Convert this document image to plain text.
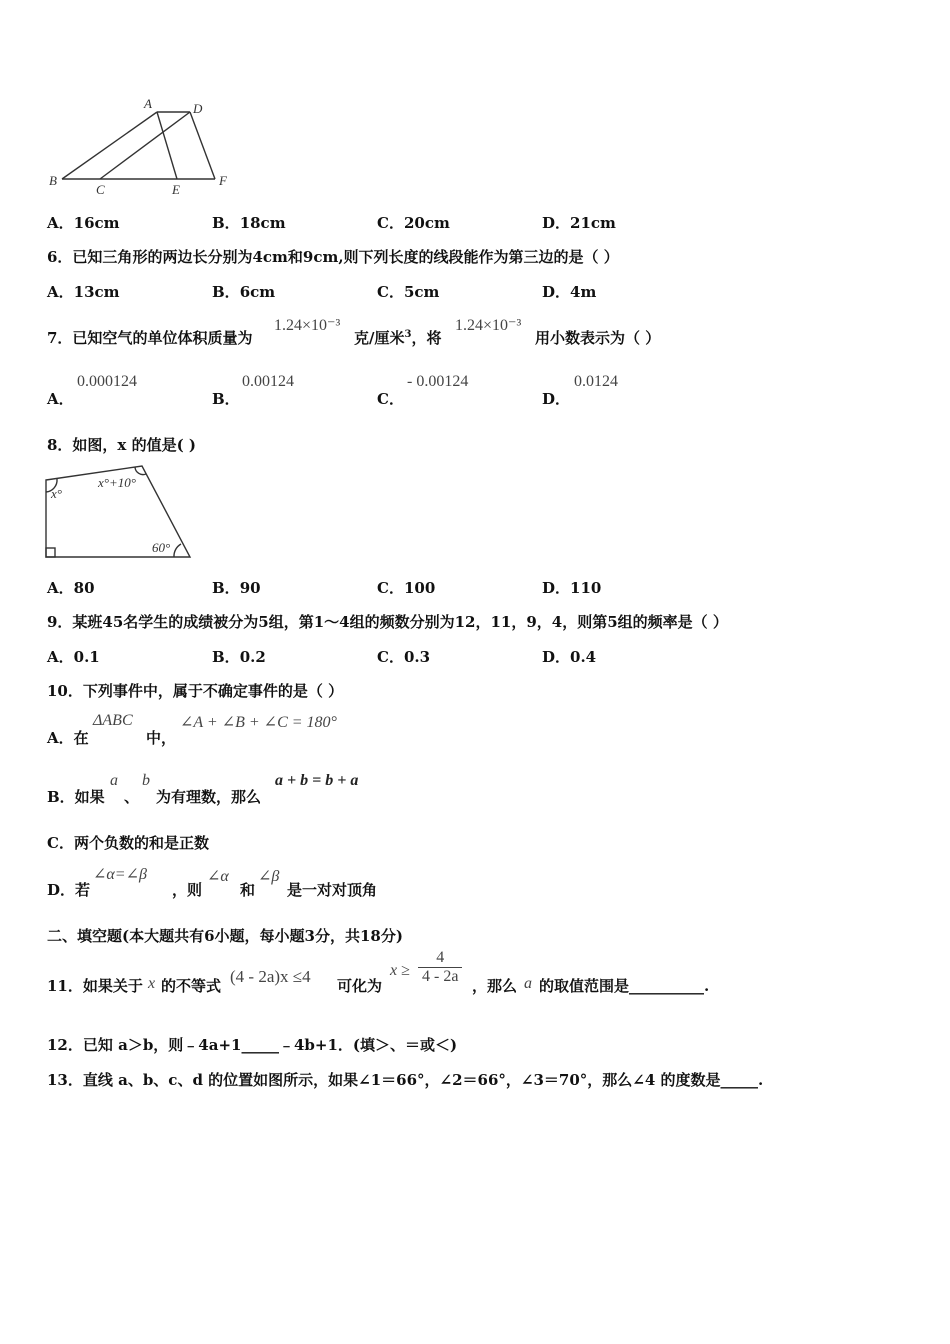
A	D
B
C	E
F
A．16cm	B．18cm	C．20cm	D．21cm
6．已知三角形的两边长分别为4cm和9cm,则下列长度的线段能作为第三边的是（ ）
A．13cm	B．6cm	C．5cm	D．4m
7．已知空气的单位体积质量为
1.24×10⁻³
克/厘米$^3$，将
1.24×10⁻³
用小数表示为（ ）
A．
0.000124
B．
0.00124
C．
- 0.00124
D．
0.0124
8．如图，x 的值是( )
x°
x°+10°
60°
A．80	B．90	C．100	D．110
9．某班45名学生的成绩被分为5组，第1～4组的频数分别为12，11，9，4，则第5组的频率是（ ）
A．0.1	B．0.2	C．0.3	D．0.4
10．下列事件中，属于不确定事件的是（ ）
A．在
ΔABC
中，
∠A + ∠B + ∠C = 180°
B．如果
a
、
b
为有理数，那么
a + b = b + a
C．两个负数的和是正数
D．若
∠α=∠β
，则
∠α
和
∠β
是一对对顶角
二、填空题(本大题共有6小题，每小题3分，共18分)
11．如果关于 x 的不等式 (4 - 2a)x ≤4 可化为
$x \ge \frac{4}{4 - 2a}$ ，那么 a 的取值范围是__________.
12．已知 a＞b，则﹣4a+1_____﹣4b+1．(填＞、＝或＜)
13．直线 a、b、c、d 的位置如图所示，如果∠1＝66°，∠2＝66°，∠3＝70°，那么∠4 的度数是_____.
